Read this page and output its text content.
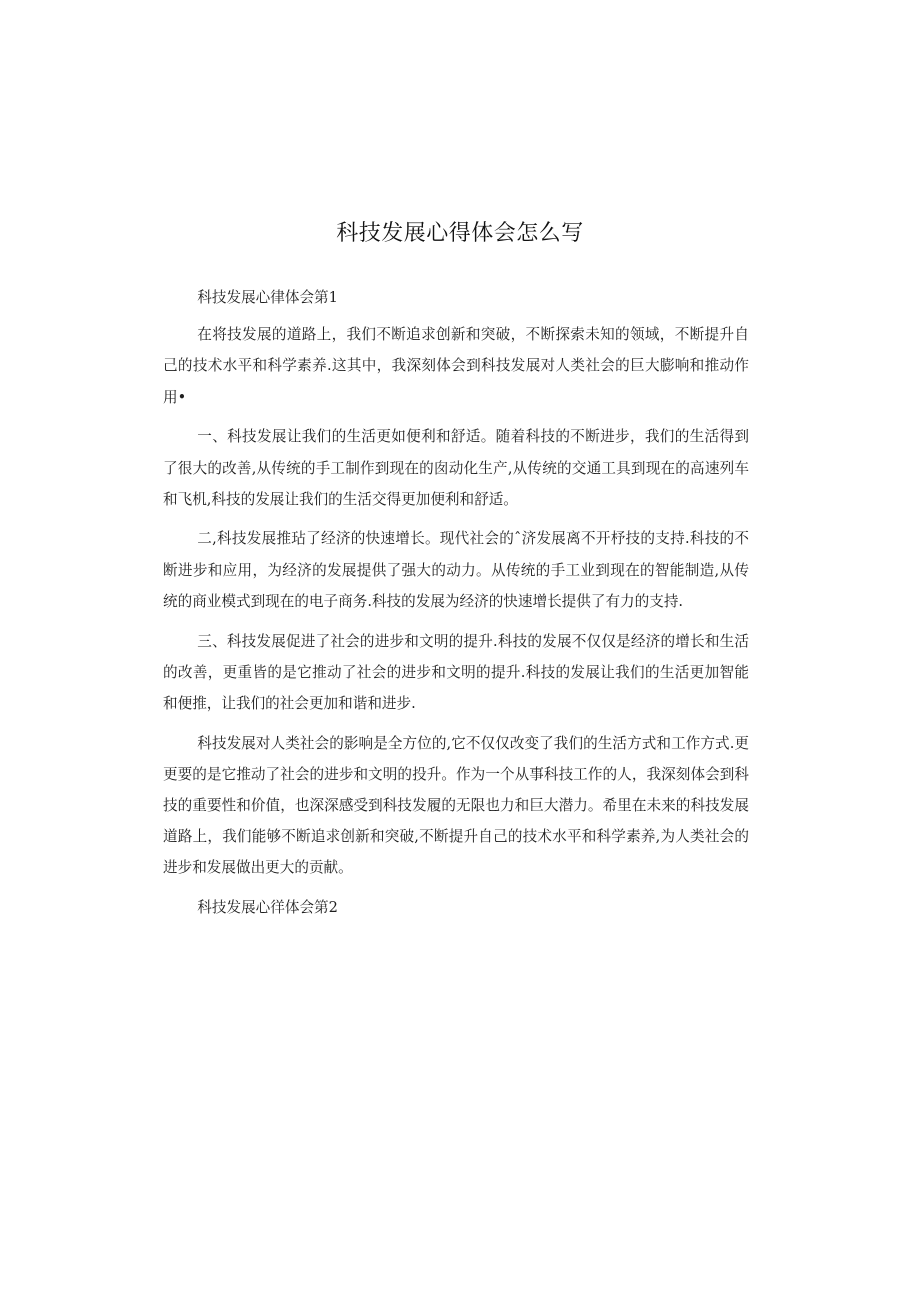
科技发展心得体会怎么写

科技发展心律体会第1

在将技发展的道路上，我们不断追求创新和突破，不断探索未知的领域，不断提升自己的技术水平和科学素养.这其中，我深刻体会到科技发展对人类社会的巨大膨响和推动作用•

一、科技发展让我们的生活更如便利和舒适。随着科技的不断进步，我们的生活得到了很大的改善,从传统的手工制作到现在的囱动化生产,从传统的交通工具到现在的高速列车和飞机,科技的发展让我们的生活交得更加便利和舒适。

二,科技发展推玷了经济的快速增长。现代社会的ˆ济发展离不开杼技的支持.科技的不断进步和应用，为经济的发展提供了强大的动力。从传统的手工业到现在的智能制造,从传统的商业模式到现在的电子商务.科技的发展为经济的快速增长提供了有力的支持.

三、科技发展促进了社会的进步和文明的提升.科技的发展不仅仅是经济的增长和生活的改善，更重皆的是它推动了社会的进步和文明的提升.科技的发展让我们的生活更加智能和便推，让我们的社会更加和谐和进步.

科技发展对人类社会的影响是全方位的,它不仅仅改变了我们的生活方式和工作方式.更更要的是它推动了社会的进步和文明的投升。作为一个从事科技工作的人，我深刻体会到科技的重要性和价值，也深深感受到科技发履的无限也力和巨大潜力。希里在未来的科技发展道路上，我们能够不断追求创新和突破,不断提升自己的技术水平和科学素养,为人类社会的进步和发展做出更大的贡献。

科技发展心徉体会第2
